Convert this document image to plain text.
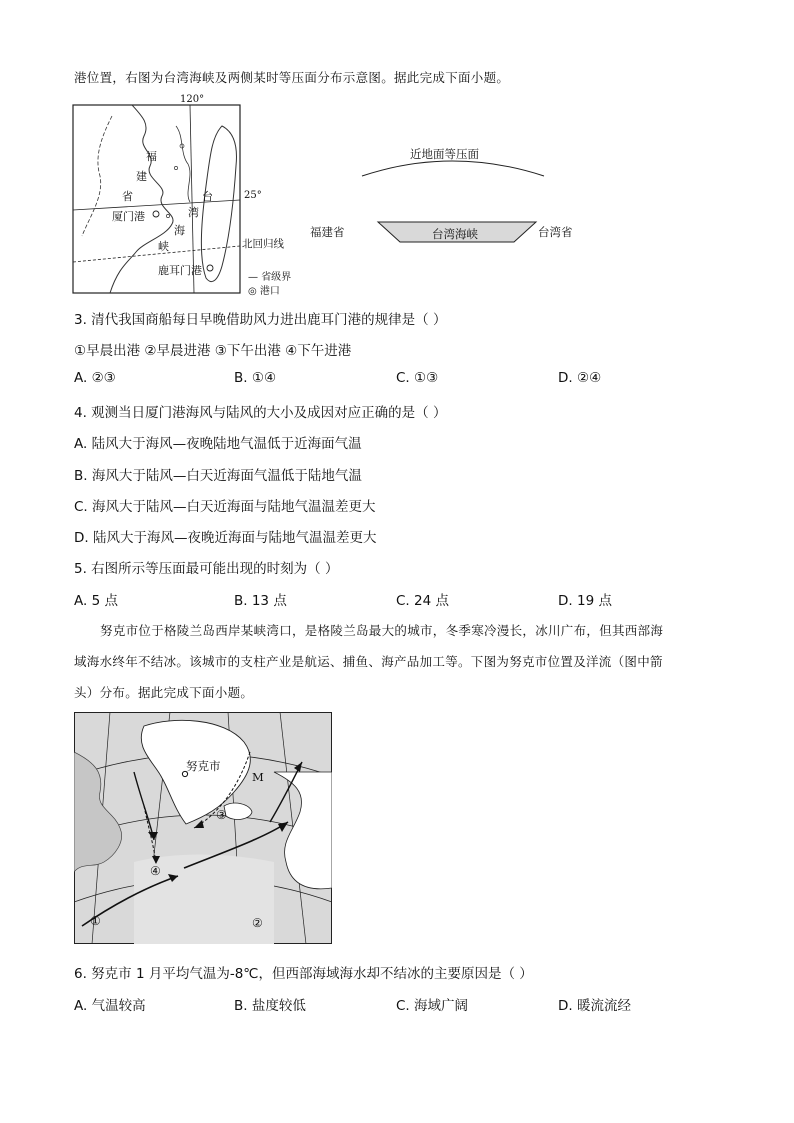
港位置，右图为台湾海峡及两侧某时等压面分布示意图。据此完成下面小题。
120°
25°
福
建
省	台
湾
海
峡
厦门港
鹿耳门港
北回归线
— 省级界
◎ 港口
近地面等压面
福建省	台湾海峡	台湾省
3. 清代我国商船每日早晚借助风力进出鹿耳门港的规律是（ ）
①早晨出港 ②早晨进港 ③下午出港 ④下午进港
A. ②③	B. ①④	C. ①③	D. ②④
4. 观测当日厦门港海风与陆风的大小及成因对应正确的是（ ）
A. 陆风大于海风—夜晚陆地气温低于近海面气温
B. 海风大于陆风—白天近海面气温低于陆地气温
C. 海风大于陆风—白天近海面与陆地气温温差更大
D. 陆风大于海风—夜晚近海面与陆地气温温差更大
5. 右图所示等压面最可能出现的时刻为（ ）
A. 5 点	B. 13 点	C. 24 点	D. 19 点
努克市位于格陵兰岛西岸某峡湾口，是格陵兰岛最大的城市，冬季寒冷漫长，冰川广布，但其西部海
域海水终年不结冰。该城市的支柱产业是航运、捕鱼、海产品加工等。下图为努克市位置及洋流（图中箭
头）分布。据此完成下面小题。
努克市
M
③
④
①	②
6. 努克市 1 月平均气温为-8℃，但西部海域海水却不结冰的主要原因是（ ）
A. 气温较高	B. 盐度较低	C. 海域广阔	D. 暖流流经
